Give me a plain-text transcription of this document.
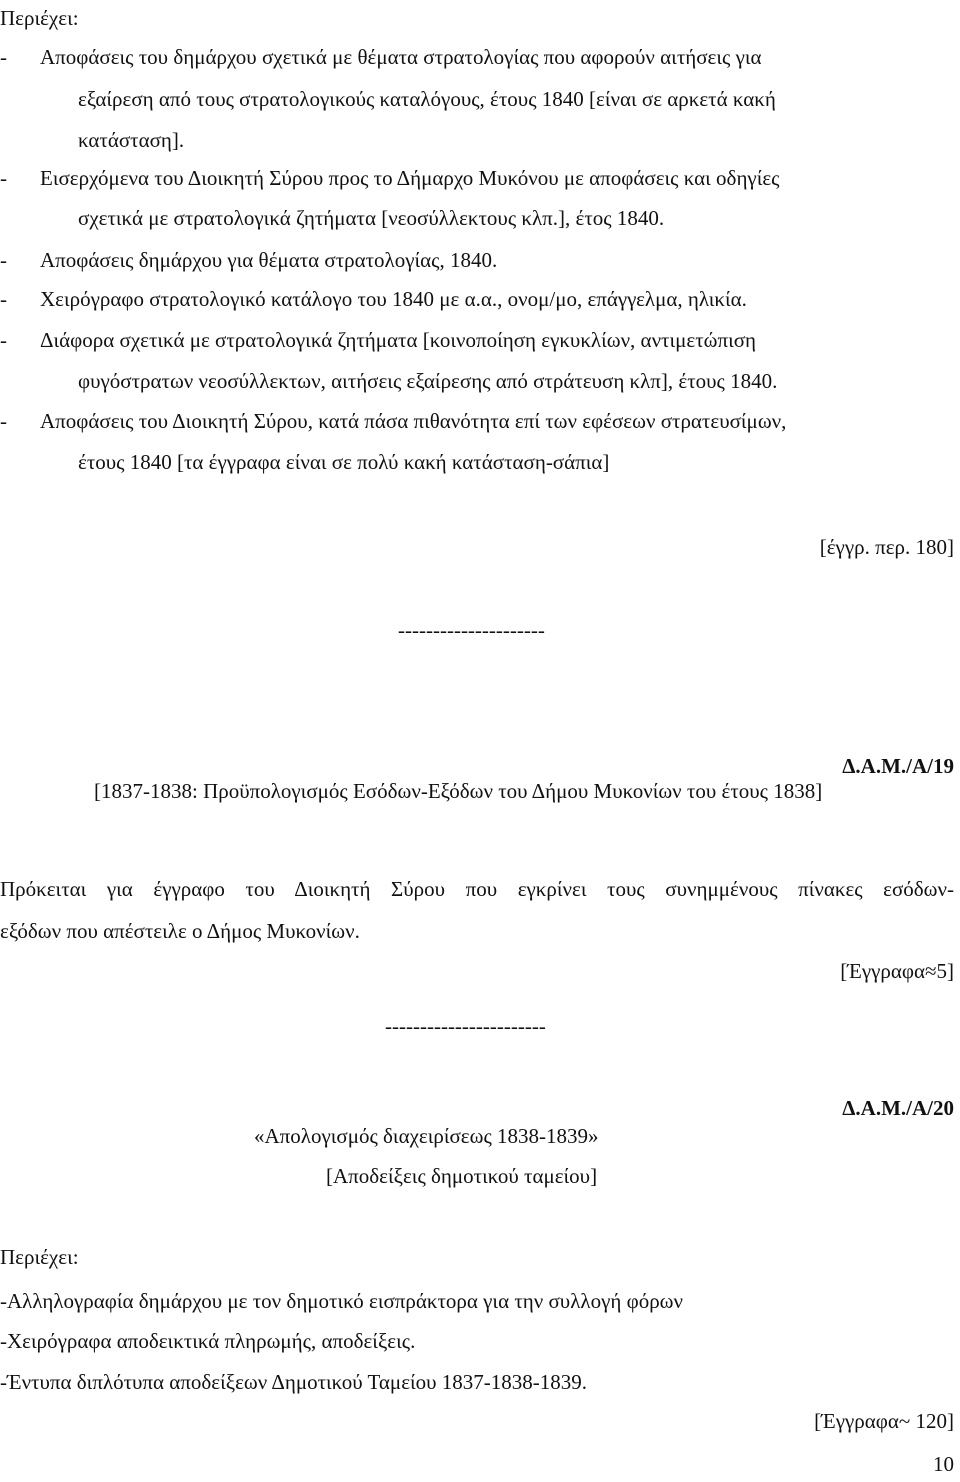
Περιέχει:
- Αποφάσεις του δημάρχου σχετικά με θέματα στρατολογίας που αφορούν αιτήσεις για
εξαίρεση από τους στρατολογικούς καταλόγους, έτους 1840 [είναι σε αρκετά κακή
κατάσταση].
- Εισερχόμενα του Διοικητή Σύρου προς το Δήμαρχο Μυκόνου με αποφάσεις και οδηγίες
σχετικά με στρατολογικά ζητήματα [νεοσύλλεκτους κλπ.], έτος 1840.
- Αποφάσεις δημάρχου για θέματα στρατολογίας, 1840.
- Χειρόγραφο στρατολογικό κατάλογο του 1840 με α.α., ονομ/μο, επάγγελμα, ηλικία.
- Διάφορα σχετικά με στρατολογικά ζητήματα [κοινοποίηση εγκυκλίων, αντιμετώπιση
φυγόστρατων νεοσύλλεκτων, αιτήσεις εξαίρεσης από στράτευση κλπ], έτους 1840.
- Αποφάσεις του Διοικητή Σύρου, κατά πάσα πιθανότητα επί των εφέσεων στρατευσίμων,
έτους 1840 [τα έγγραφα είναι σε πολύ κακή κατάσταση-σάπια]
[έγγρ. περ. 180]
---------------------
Δ.Α.Μ./Α/19
[1837-1838: Προϋπολογισμός Εσόδων-Εξόδων του Δήμου Μυκονίων του έτους 1838]
Πρόκειται για έγγραφο του Διοικητή Σύρου που εγκρίνει τους συνημμένους πίνακες εσόδων-
εξόδων που απέστειλε ο Δήμος Μυκονίων.
[Έγγραφα≈5]
-----------------------
Δ.Α.Μ./Α/20
«Απολογισμός διαχειρίσεως 1838-1839»
[Αποδείξεις δημοτικού ταμείου]
Περιέχει:
-Αλληλογραφία δημάρχου με τον δημοτικό εισπράκτορα για την συλλογή φόρων
-Χειρόγραφα αποδεικτικά πληρωμής, αποδείξεις.
-Έντυπα διπλότυπα αποδείξεων Δημοτικού Ταμείου 1837-1838-1839.
[Έγγραφα~ 120]
10
